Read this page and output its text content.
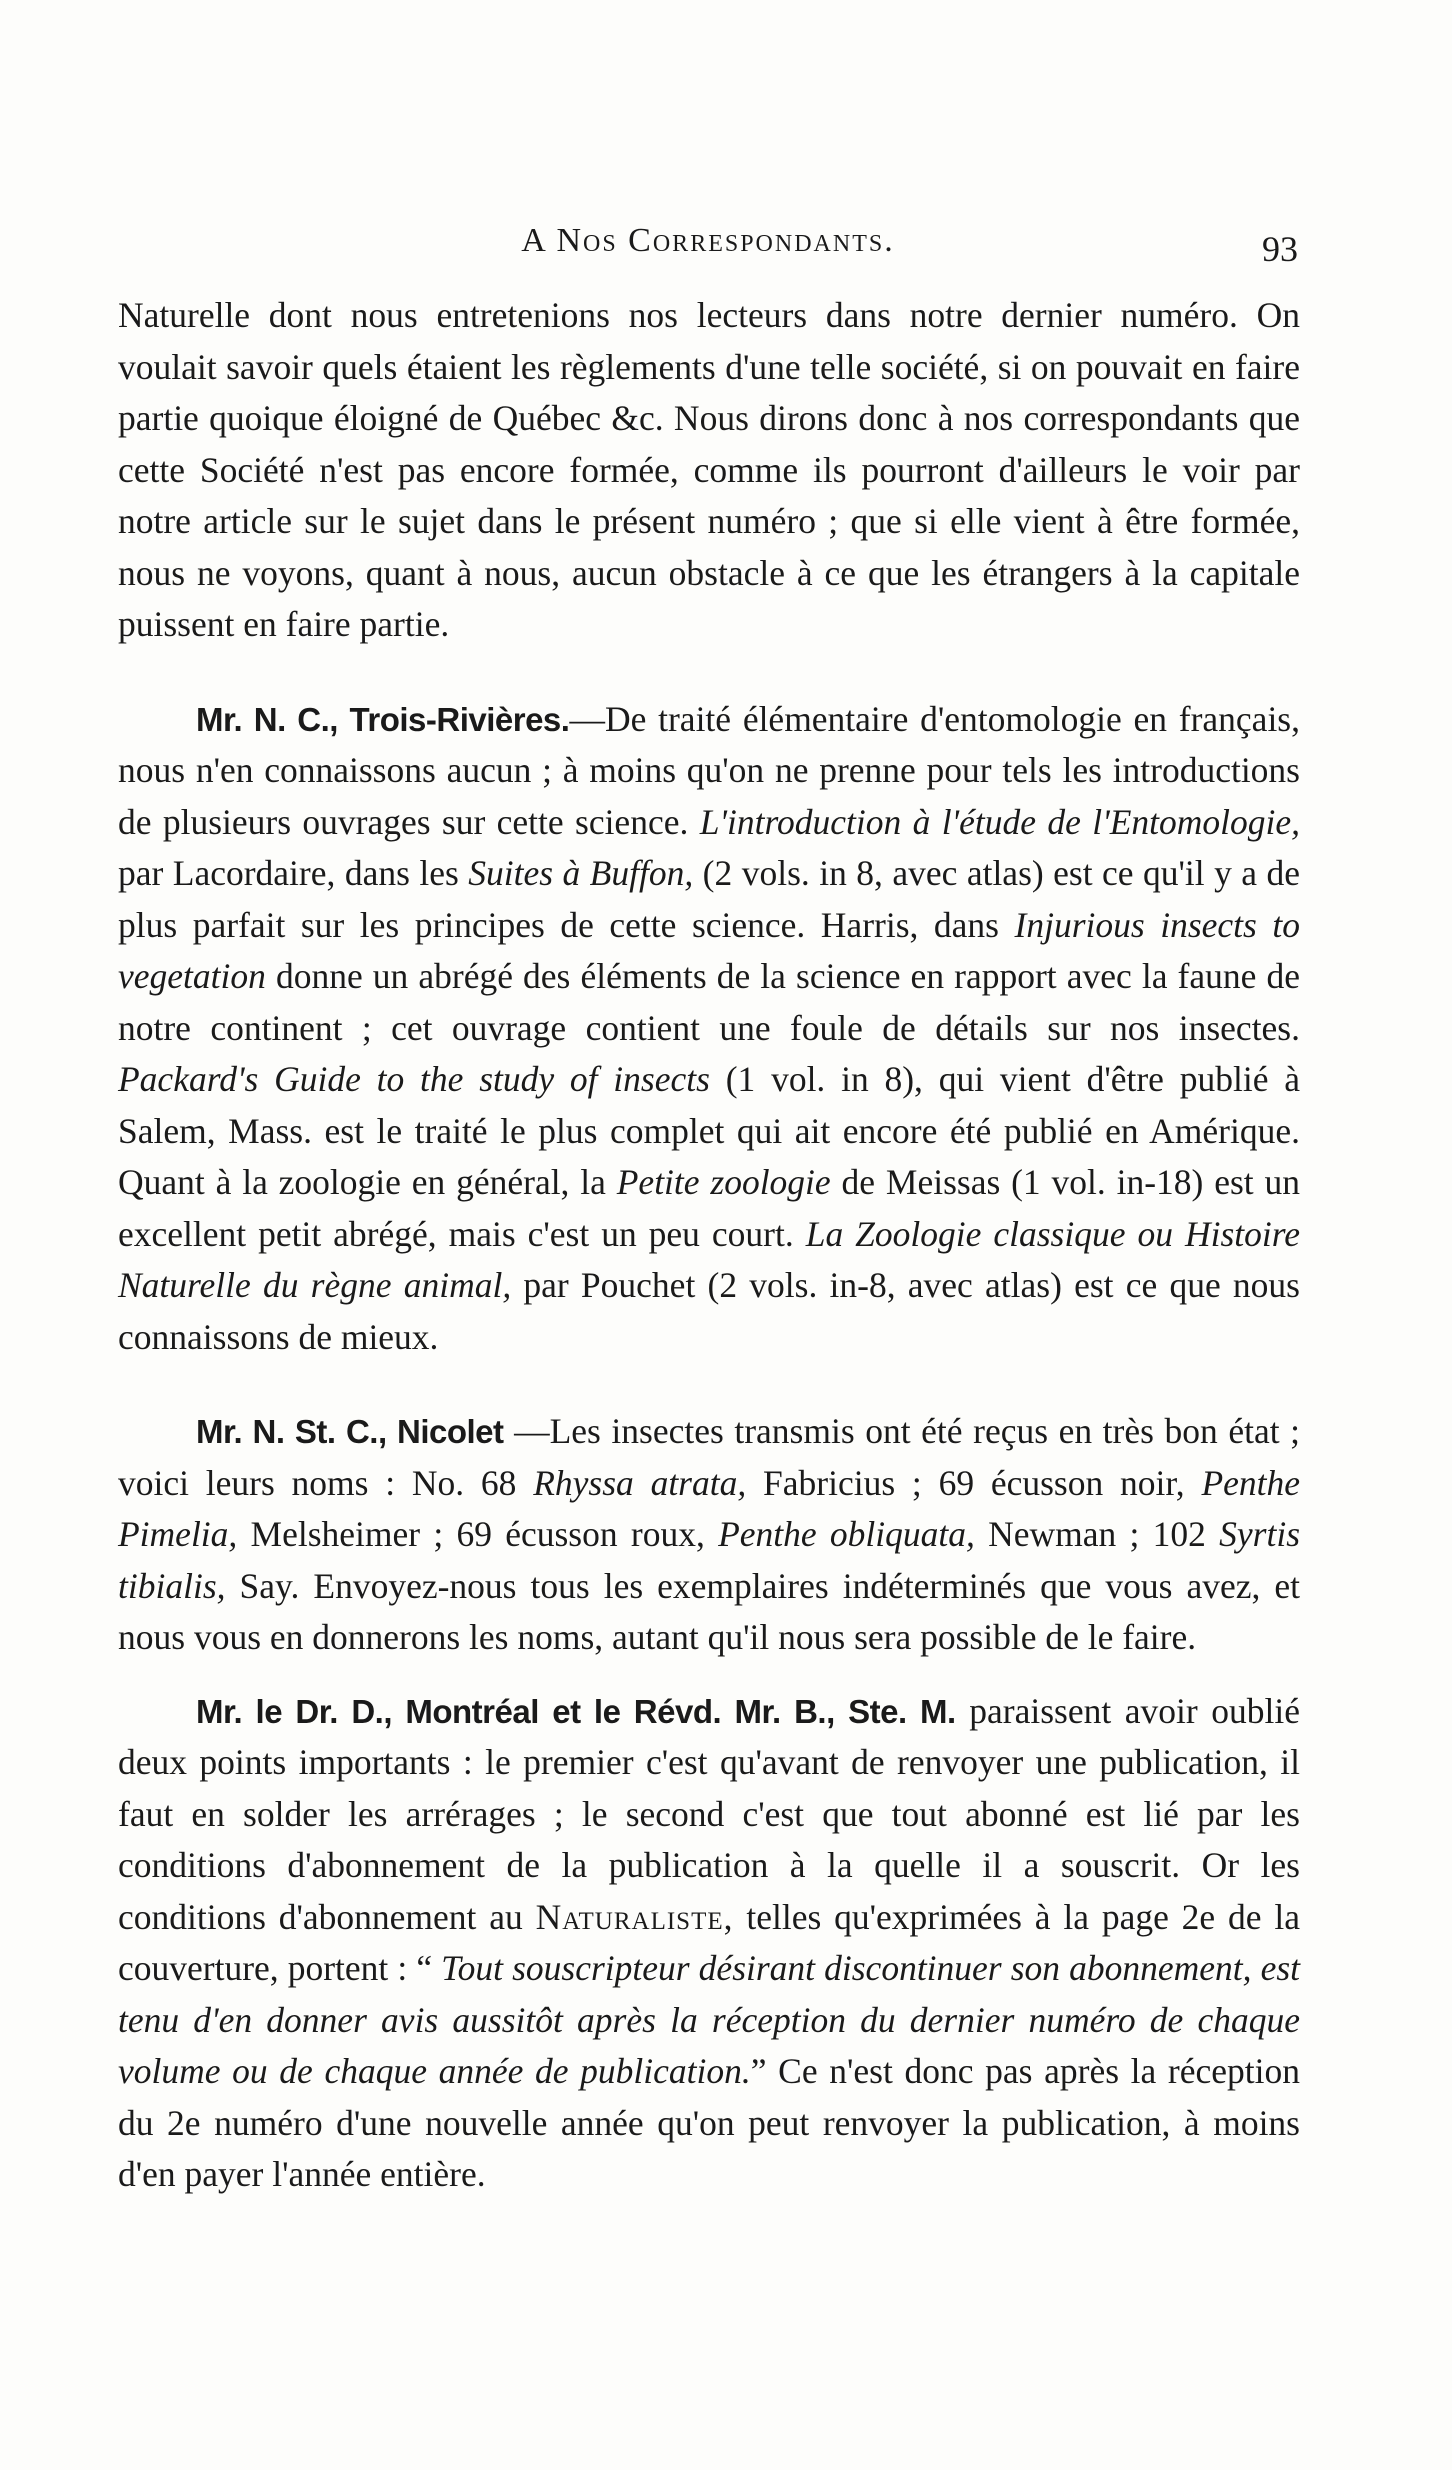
A Nos Correspondants.	93

Naturelle dont nous entretenions nos lecteurs dans notre dernier numéro. On voulait savoir quels étaient les règlements d'une telle société, si on pouvait en faire partie quoique éloigné de Québec &c. Nous dirons donc à nos correspondants que cette Société n'est pas encore formée, comme ils pourront d'ailleurs le voir par notre article sur le sujet dans le présent numéro ; que si elle vient à être formée, nous ne voyons, quant à nous, aucun obstacle à ce que les étrangers à la capitale puissent en faire partie.

Mr. N. C., Trois-Rivières.—De traité élémentaire d'entomologie en français, nous n'en connaissons aucun ; à moins qu'on ne prenne pour tels les introductions de plusieurs ouvrages sur cette science. L'introduction à l'étude de l'Entomologie, par Lacordaire, dans les Suites à Buffon, (2 vols. in 8, avec atlas) est ce qu'il y a de plus parfait sur les principes de cette science. Harris, dans Injurious insects to vegetation donne un abrégé des éléments de la science en rapport avec la faune de notre continent ; cet ouvrage contient une foule de détails sur nos insectes. Packard's Guide to the study of insects (1 vol. in 8), qui vient d'être publié à Salem, Mass. est le traité le plus complet qui ait encore été publié en Amérique. Quant à la zoologie en général, la Petite zoologie de Meissas (1 vol. in-18) est un excellent petit abrégé, mais c'est un peu court. La Zoologie classique ou Histoire Naturelle du règne animal, par Pouchet (2 vols. in-8, avec atlas) est ce que nous connaissons de mieux.

Mr. N. St. C., Nicolet —Les insectes transmis ont été reçus en très bon état ; voici leurs noms : No. 68 Rhyssa atrata, Fabricius ; 69 écusson noir, Penthe Pimelia, Melsheimer ; 69 écusson roux, Penthe obliquata, Newman ; 102 Syrtis tibialis, Say. Envoyez-nous tous les exemplaires indéterminés que vous avez, et nous vous en donnerons les noms, autant qu'il nous sera possible de le faire.

Mr. le Dr. D., Montréal et le Révd. Mr. B., Ste. M. paraissent avoir oublié deux points importants : le premier c'est qu'avant de renvoyer une publication, il faut en solder les arrérages ; le second c'est que tout abonné est lié par les conditions d'abonnement de la publication à la quelle il a souscrit. Or les conditions d'abonnement au Naturaliste, telles qu'exprimées à la page 2e de la couverture, portent : “ Tout souscripteur désirant discontinuer son abonnement, est tenu d'en donner avis aussitôt après la réception du dernier numéro de chaque volume ou de chaque année de publication.” Ce n'est donc pas après la réception du 2e numéro d'une nouvelle année qu'on peut renvoyer la publication, à moins d'en payer l'année entière.
